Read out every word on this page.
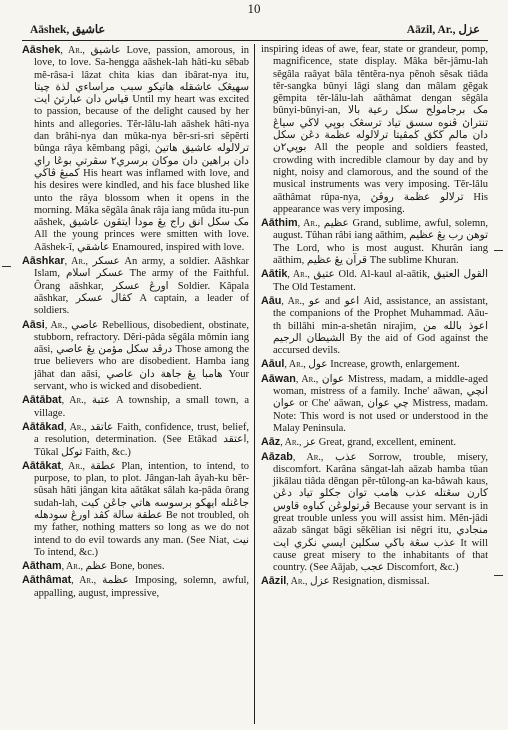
10
Aāshek, عاشيق	Aāzil, Ar., عزل

Aāshek, Ar., عاشيق Love, passion, amorous, in love, to love. Sa-hengga aāshek-lah hâti-ku sĕbab mĕ-râsa-i lâzat chita kias dan ibârat-nya itu, سهيڠک عاشقله هاتيکو سبب مراساءي لذة چيتا قياس دان عبارتڽ ايت Until my heart was excited to passion, because of the delight caused by her hints and allegories. Tĕr-lâlu-lah aāshek hâti-nya dan brâhi-nya dan mûka-nya bĕr-sri-sri sĕpĕrti bûnga râya kĕmbang pâgi, ترلالوله عاشيق هاتيڽ دان براهين دان موکان برسري٢ سڤرتي بوڠا راي کمبڠ ڤاڬي His heart was inflamed with love, and his desires were kindled, and his face blushed like unto the râya blossom when it opens in the morning. Mâka sĕgâla ânak râja iang mûda itu-pun aāshek, مک سکل انق راج يڠ مودا ايتڤون عاشيق All the young princes were smitten with love. Aāshek-î, عاشقي Enamoured, inspired with love.

Aāshkar, Ar., عسکر An army, a soldier. Aāshkar Islam, عسکر اسلام The army of the Faithful. Ôrang aāshkar, اورڠ عسکر Soldier. Kâpala aāshkar, کڤال عسکر A captain, a leader of soldiers.

Aāsi, Ar., عاصي Rebellious, disobedient, obstinate, stubborn, refractory. Dĕri-pâda sĕgâla mômin iang aāsi, درڤد سکل مؤمن يڠ عاصي Those among the true believers who are disobedient. Hamba iang jâhat dan aāsi, هامبا يڠ جاهة دان عاصي Your servant, who is wicked and disobedient.

Aātābat, Ar., عتبة A township, a small town, a village.

Aātākad, Ar., عاتقد Faith, confidence, trust, belief, a resolution, determination. (See Etâkad اعتقد, Tûkal توکل Faith, &c.)

Aātākat, Ar., عطقة Plan, intention, to intend, to purpose, to plan, to plot. Jângan-lah âyah-ku bĕr-sûsah hâti jângan kita aātâkat sâlah ka-pâda ôrang sudah-lah, جاڠنله ايهکو برسوسه هاتي جاڠن کيت عطقة سالة کڤد اورڠ سودهله Be not troubled, oh my father, nothing matters so long as we do not intend to do evil towards any man. (See Niat, نيت To intend, &c.)

Aātham, Ar., عظم Bone, bones.

Aāthâmat, Ar., عظمة Imposing, solemn, awful, appalling, august, impressive,

inspiring ideas of awe, fear, state or grandeur, pomp, magnificence, state display. Mâka bĕr-jâmu-lah sĕgâla raâyat bâla tĕntĕra-nya pĕnoh sĕsak tiâda tĕr-sangka bûnyi lâgi slang dan mâlam gĕgak gĕmpita tĕr-lâlu-lah aāthâmat dengan sĕgâla bûnyi-bûnyi-an, مک برجامولح سکل رعية بالا تنتراڽ ڤنوه سسق تياد ترسڠک بوڽي لاڬي سياڠ دان مالم ڬڬق ڬمڤيتا ترلالوله عظمة دڠن سکل بوڽي٢ن All the people and soldiers feasted, crowding with incredible clamour by day and by night, noisy and clamorous, and the sound of the musical instruments was very imposing. Tĕr-lâlu aāthâmat rûpa-nya, ترلالو عظمة روڤڽ His appearance was very imposing.

Aāthim, Ar., عظيم Grand, sublime, awful, solemn, august. Tûhan râbi iang aāthim, توهن رب يڠ عظيم The Lord, who is most august. Khurân iang aāthim, قرآن يڠ عظيم The sublime Khuran.

Aātik, Ar., عتيق Old. Al-kaul al-aātik, القول العتيق The Old Testament.

Aāu, Ar., عو and اعو Aid, assistance, an assistant, the companions of the Prophet Muhammad. Aāu-th billâhi min-a-shetân nirajim, اعوذ بالله من الشيطان الرجيم By the aid of God against the accursed devils.

Aāul, Ar., عول Increase, growth, enlargement.

Aāwan, Ar., عوان Mistress, madam, a middle-aged woman, mistress of a family. Inche' aāwan, انچي عوان or Che' aāwan, چي عوان Mistress, madam. Note: This word is not used or understood in the Malay Peninsula.

Aāz, Ar., عز Great, grand, excellent, eminent.

Aāzab, Ar., عذب Sorrow, trouble, misery, discomfort. Karâna sângat-lah aāzab hamba tûan jikâlau tiâda dĕngan pĕr-tûlong-an ka-bâwah kaus, کارن سڠتله عذب هامب توان جکلو تياد دڠن ڤرتولوڠن کباوه قاوس Because your servant is in great trouble unless you will assist him. Mĕn-jâdi aāzab sângat bâgi sĕkĕlian isi nĕgri itu, منجادي عذب سڠة باڬي سکلين ايسي نڬري ايت It will cause great misery to the inhabitants of that country. (See Aājab, عجب Discomfort, &c.)

Aāzil, Ar., عزل Resignation, dismissal.
